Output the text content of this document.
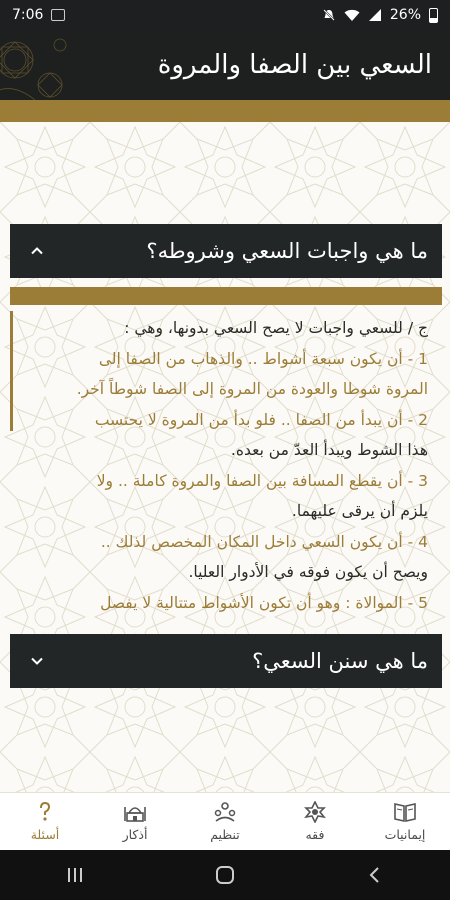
7:06	26%
السعي بين الصفا والمروة
ما هي واجبات السعي وشروطه؟

ج / للسعي واجبات لا يصح السعي بدونها، وهي :

1 - أن يكون سبعة أشواط .. والذهاب من الصفا إلى

المروة شوطا والعودة من المروة إلى الصفا شوطاً آخر.

2 - أن يبدأ من الصفا .. فلو بدأ من المروة لا يحتسب

هذا الشوط ويبدأ العدّ من بعده.

3 - أن يقطع المسافة بين الصفا والمروة كاملة .. ولا

يلزم أن يرقى عليهما.

4 - أن يكون السعي داخل المكان المخصص لذلك ..

ويصح أن يكون فوقه في الأدوار العليا.

5 - الموالاة : وهو أن تكون الأشواط متتالية لا يفصل

ما هي سنن السعي؟
إيمانيات
فقه
تنظيم
أذكار
أسئلة
